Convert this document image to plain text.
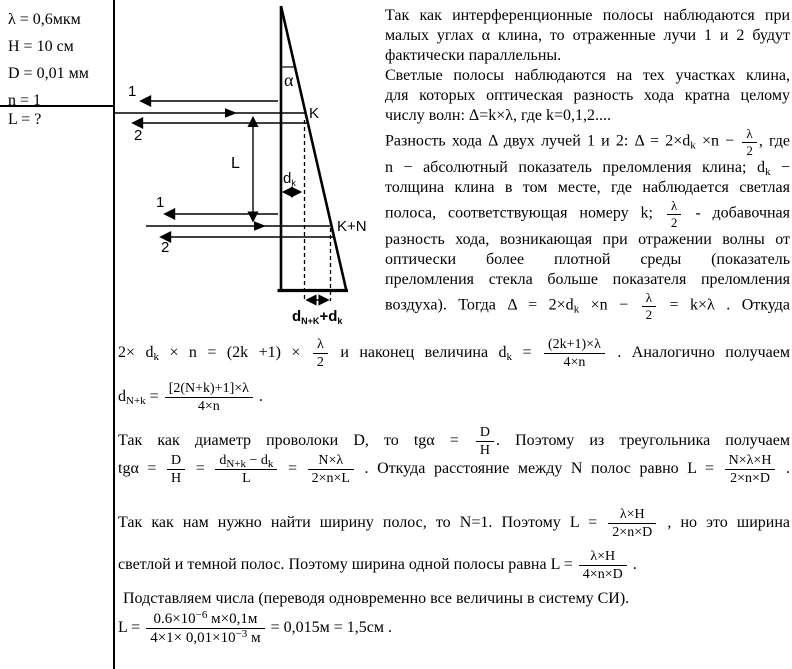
λ = 0,6мкм
H = 10 см
D = 0,01 мм
n = 1
L = ?
1
2
α
K
L
$d_k$
1
2
K+N
$d_{N+K}+d_k$
Так как интерференционные полосы наблюдаются при
малых углах α клина, то отраженные лучи 1 и 2 будут
фактически параллельны.
Светлые полосы наблюдаются на тех участках клина,
для которых оптическая разность хода кратна целому
числу волн: Δ=k×λ, где k=0,1,2....
Разность хода Δ двух лучей 1 и 2: $\Delta = 2\times d_k \times n - \frac{\lambda}{2}$ , где
n − абсолютный показатель преломления клина; $d_k$ −
толщина клина в том месте, где наблюдается светлая
полоса, соответствующая номеру k; $\frac{\lambda}{2}$ - добавочная
разность хода, возникающая при отражении волны от
оптически более плотной среды (показатель
преломления стекла больше показателя преломления
воздуха). Тогда $\Delta = 2\times d_k \times n - \frac{\lambda}{2} = k\times\lambda$ . Откуда
$2\times d_k \times n = (2k +1) \times \frac{\lambda}{2}$ и наконец величина $d_k = \frac{(2k+1)\times\lambda}{4\times n}$ . Аналогично получаем
$d_{N+k} = \frac{[2(N+k)+1]\times\lambda}{4\times n}$ .
Так как диаметр проволоки D, то $tg\alpha = \frac{D}{H}$ . Поэтому из треугольника получаем
$tg\alpha = \frac{D}{H} = \frac{d_{N+k} - d_k}{L} = \frac{N\times\lambda}{2\times n\times L}$ . Откуда расстояние между N полос равно $L = \frac{N\times\lambda\times H}{2\times n\times D}$ .
Так как нам нужно найти ширину полос, то N=1. Поэтому $L = \frac{\lambda\times H}{2\times n\times D}$ , но это ширина
светлой и темной полос. Поэтому ширина одной полосы равна $L = \frac{\lambda\times H}{4\times n\times D}$ .
Подставляем числа (переводя одновременно все величины в систему СИ).
$L = \frac{0.6\times 10^{-6} м\times 0,1м}{4\times 1\times 0,01\times 10^{-3} м} = 0,015м = 1,5см$ .
